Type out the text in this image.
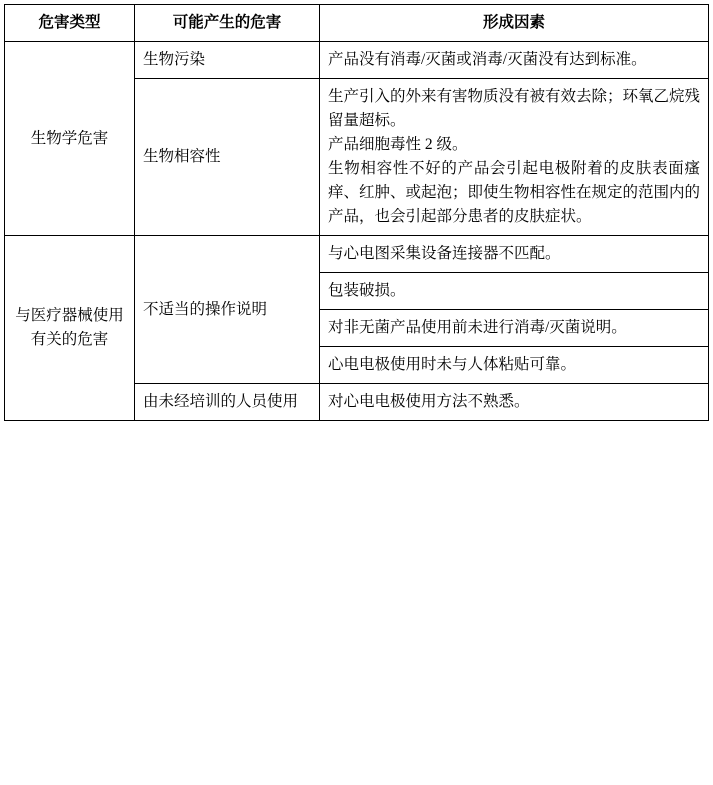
危害类型	可能产生的危害	形成因素
生物学危害	生物污染	产品没有消毒/灭菌或消毒/灭菌没有达到标准。

	生物相容性	生产引入的外来有害物质没有被有效去除；环氧乙烷残留量超标。

产品细胞毒性 2 级。

生物相容性不好的产品会引起电极附着的皮肤表面瘙痒、红肿、或起泡；即使生物相容性在规定的范围内的产品，也会引起部分患者的皮肤症状。

与医疗器械使用有关的危害	不适当的操作说明	与心电图采集设备连接器不匹配。

		包装破损。

		对非无菌产品使用前未进行消毒/灭菌说明。

		心电电极使用时未与人体粘贴可靠。

	由未经培训的人员使用	对心电电极使用方法不熟悉。
